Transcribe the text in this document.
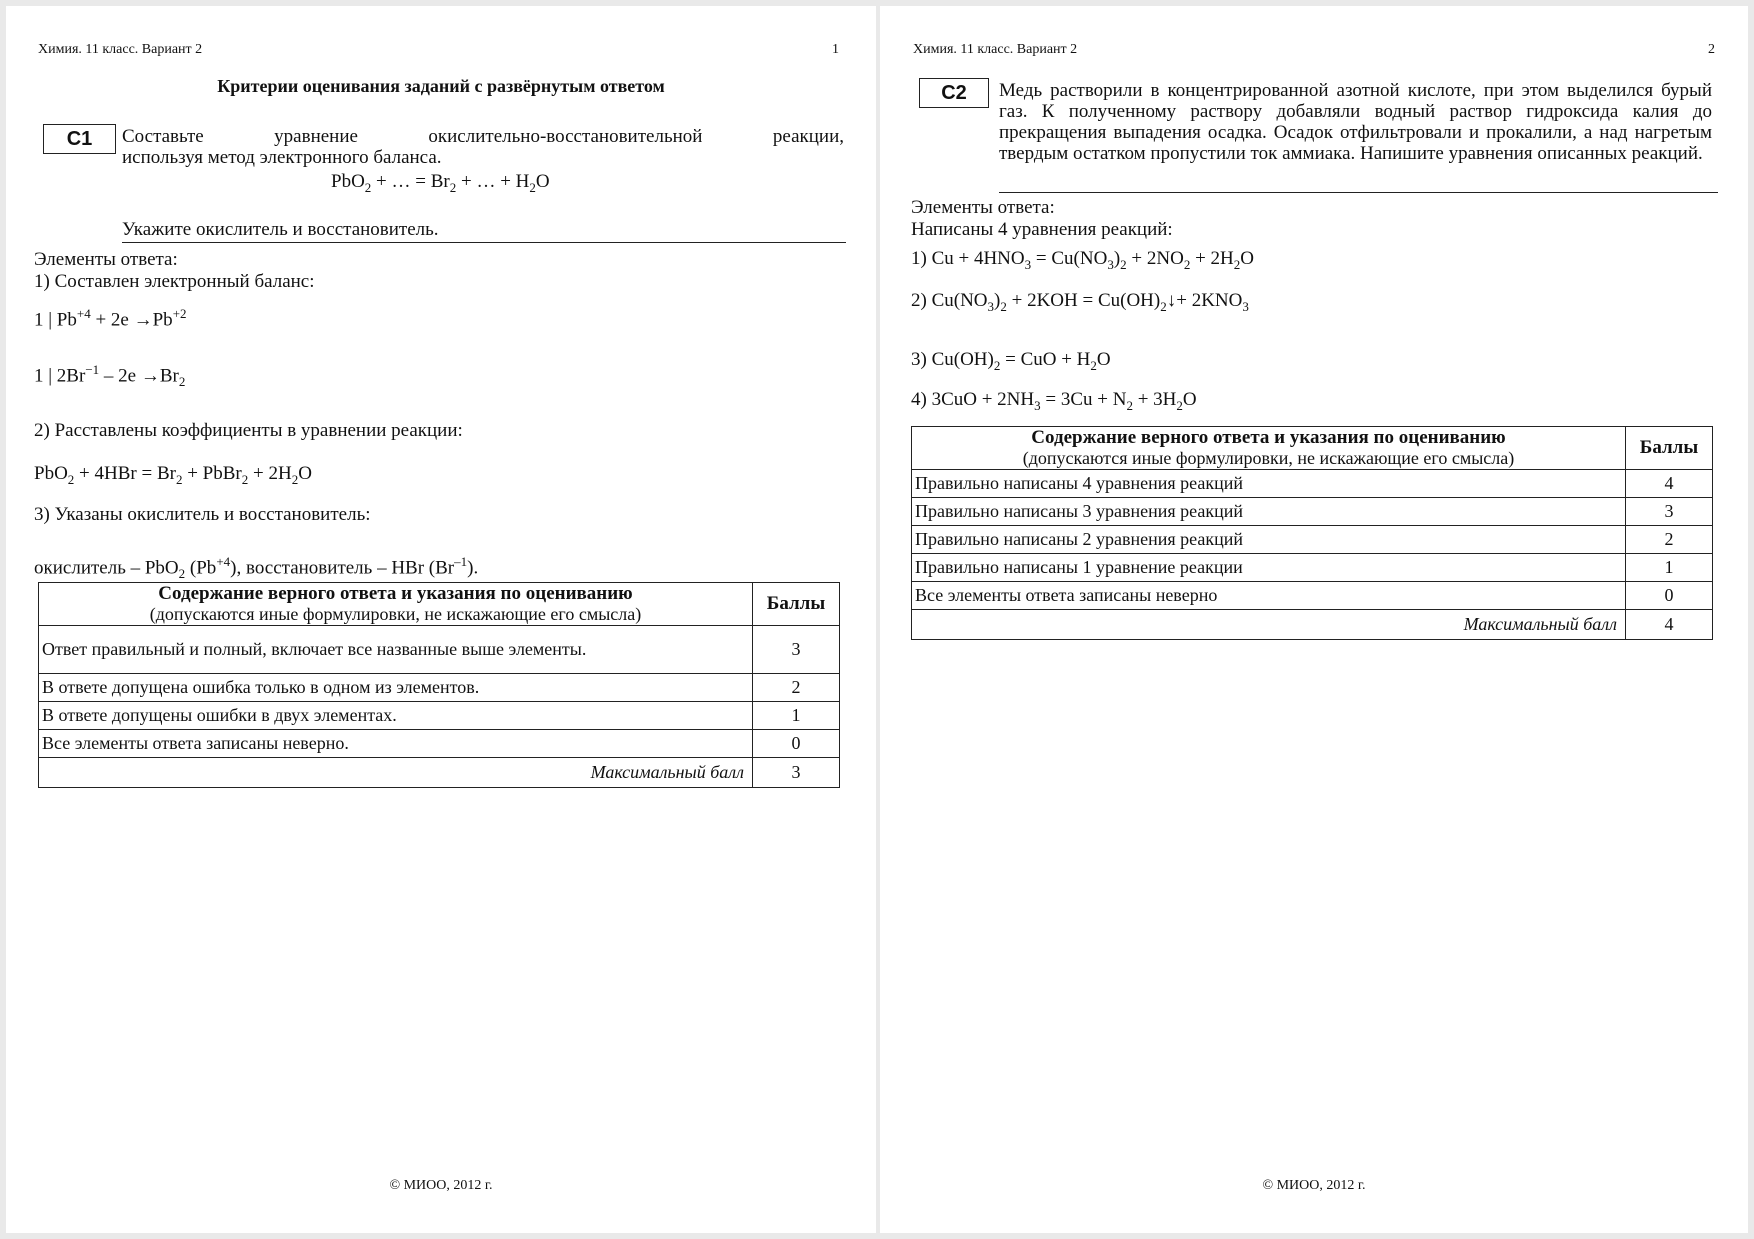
Химия. 11 класс. Вариант 2	1
Критерии оценивания заданий с развёрнутым ответом
C1	Составьте уравнение окислительно-восстановительной реакции,
используя метод электронного баланса.
PbO$_2$ + … = $Br_2$ + … + $H_2O$
Укажите окислитель и восстановитель.
Элементы ответа:
1) Составлен электронный баланс:
1 | $Pb^{+4} + 2e \to Pb^{+2}$
1 | $2Br^{-1} - 2e \to Br_2$
2) Расставлены коэффициенты в уравнении реакции:
$PbO_2 + 4HBr = Br_2$ + PbBr$_2$ + $2H_2O$
3) Указаны окислитель и восстановитель:
окислитель – PbO$_2$ $(Pb^{+4})$, восстановитель – HBr $(Br^{-1})$.
Содержание верного ответа и указания по оцениванию
(допускаются иные формулировки, не искажающие его смысла)	Баллы
Ответ правильный и полный, включает все названные выше элементы.	3
В ответе допущена ошибка только в одном из элементов.	2
В ответе допущены ошибки в двух элементах.	1
Все элементы ответа записаны неверно.	0
Максимальный балл	3
© МИОО, 2012 г.
Химия. 11 класс. Вариант 2	2
C2	Медь растворили в концентрированной азотной кислоте, при этом выделился бурый газ. К полученному раствору добавляли водный раствор гидроксида калия до прекращения выпадения осадка. Осадок отфильтровали и прокалили, а над нагретым твердым остатком пропустили ток аммиака. Напишите уравнения описанных реакций.
Элементы ответа:
Написаны 4 уравнения реакций:
1) $Cu + 4HNO_3 = Cu(NO_3)_2 + 2NO_2 + 2H_2O$
2) $Cu(NO_3)_2 + 2KOH$ = $Cu(OH)_2↓+ 2KNO_3$
3) $Cu(OH)_2$ = CuO + $H_2O$
4) $3CuO + 2NH_3 = 3Cu + N_2 + 3H_2O$
Содержание верного ответа и указания по оцениванию
(допускаются иные формулировки, не искажающие его смысла)	Баллы
Правильно написаны 4 уравнения реакций	4
Правильно написаны 3 уравнения реакций	3
Правильно написаны 2 уравнения реакций	2
Правильно написаны 1 уравнение реакции	1
Все элементы ответа записаны неверно	0
Максимальный балл	4
© МИОО, 2012 г.
